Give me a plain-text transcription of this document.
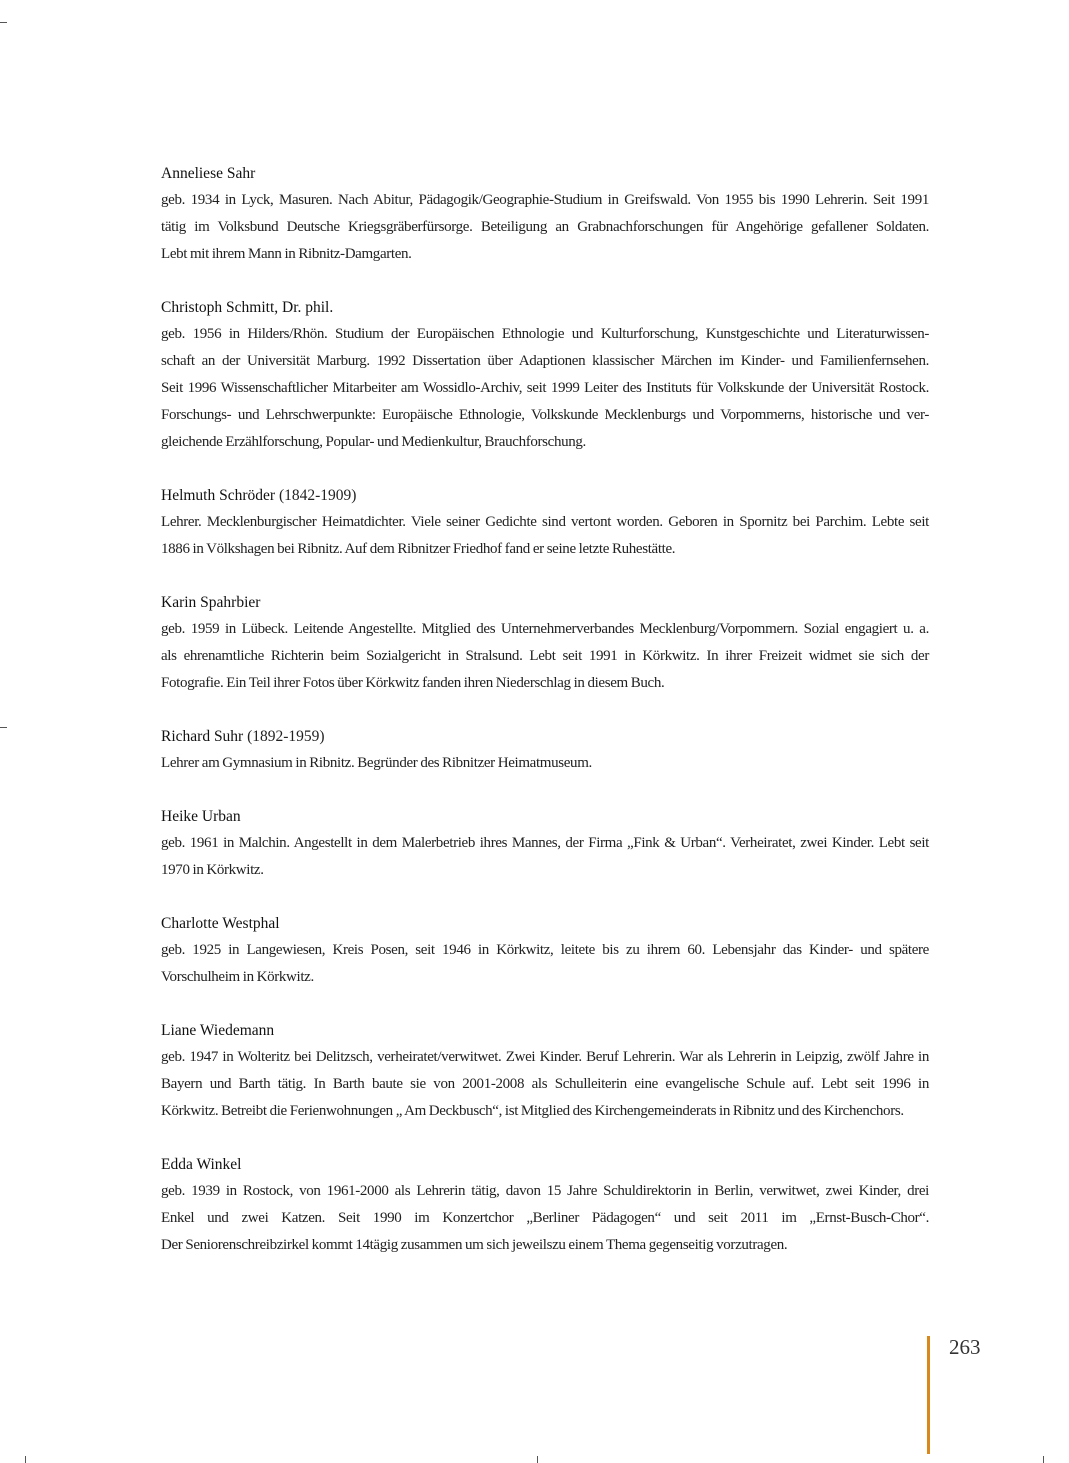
Anneliese Sahr
geb. 1934 in Lyck, Masuren. Nach Abitur, Pädagogik/Geographie-Studium in Greifswald. Von 1955 bis 1990 Lehrerin. Seit 1991
tätig im Volksbund Deutsche Kriegsgräberfürsorge. Beteiligung an Grabnachforschungen für Angehörige gefallener Soldaten.
Lebt mit ihrem Mann in Ribnitz-Damgarten.
Christoph Schmitt, Dr. phil.
geb. 1956 in Hilders/Rhön. Studium der Europäischen Ethnologie und Kulturforschung, Kunstgeschichte und Literaturwissen-
schaft an der Universität Marburg. 1992 Dissertation über Adaptionen klassischer Märchen im Kinder- und Familienfernsehen.
Seit 1996 Wissenschaftlicher Mitarbeiter am Wossidlo-Archiv, seit 1999 Leiter des Instituts für Volkskunde der Universität Rostock.
Forschungs- und Lehrschwerpunkte: Europäische Ethnologie, Volkskunde Mecklenburgs und Vorpommerns, historische und ver-
gleichende Erzählforschung, Popular- und Medienkultur, Brauchforschung.
Helmuth Schröder (1842-1909)
Lehrer. Mecklenburgischer Heimatdichter. Viele seiner Gedichte sind vertont worden. Geboren in Spornitz bei Parchim. Lebte seit
1886 in Völkshagen bei Ribnitz. Auf dem Ribnitzer Friedhof fand er seine letzte Ruhestätte.
Karin Spahrbier
geb. 1959 in Lübeck. Leitende Angestellte. Mitglied des Unternehmerverbandes Mecklenburg/Vorpommern. Sozial engagiert u. a.
als ehrenamtliche Richterin beim Sozialgericht in Stralsund. Lebt seit 1991 in Körkwitz. In ihrer Freizeit widmet sie sich der
Fotografie. Ein Teil ihrer Fotos über Körkwitz fanden ihren Niederschlag in diesem Buch.
Richard Suhr (1892-1959)
Lehrer am Gymnasium in Ribnitz. Begründer des Ribnitzer Heimatmuseum.
Heike Urban
geb. 1961 in Malchin. Angestellt in dem Malerbetrieb ihres Mannes, der Firma „Fink & Urban“. Verheiratet, zwei Kinder. Lebt seit
1970 in Körkwitz.
Charlotte Westphal
geb. 1925 in Langewiesen, Kreis Posen, seit 1946 in Körkwitz, leitete bis zu ihrem 60. Lebensjahr das Kinder- und spätere
Vorschulheim in Körkwitz.
Liane Wiedemann
geb. 1947 in Wolteritz bei Delitzsch, verheiratet/verwitwet. Zwei Kinder. Beruf Lehrerin. War als Lehrerin in Leipzig, zwölf Jahre in
Bayern und Barth tätig. In Barth baute sie von 2001-2008 als Schulleiterin eine evangelische Schule auf. Lebt seit 1996 in
Körkwitz. Betreibt die Ferienwohnungen „ Am Deckbusch“, ist Mitglied des Kirchengemeinderats in Ribnitz und des Kirchenchors.
Edda Winkel
geb. 1939 in Rostock, von 1961-2000 als Lehrerin tätig, davon 15 Jahre Schuldirektorin in Berlin, verwitwet, zwei Kinder, drei
Enkel und zwei Katzen. Seit 1990 im Konzertchor „Berliner Pädagogen“ und seit 2011 im „Ernst-Busch-Chor“.
Der Seniorenschreibzirkel kommt 14tägig zusammen um sich jeweilszu einem Thema gegenseitig vorzutragen.
263
